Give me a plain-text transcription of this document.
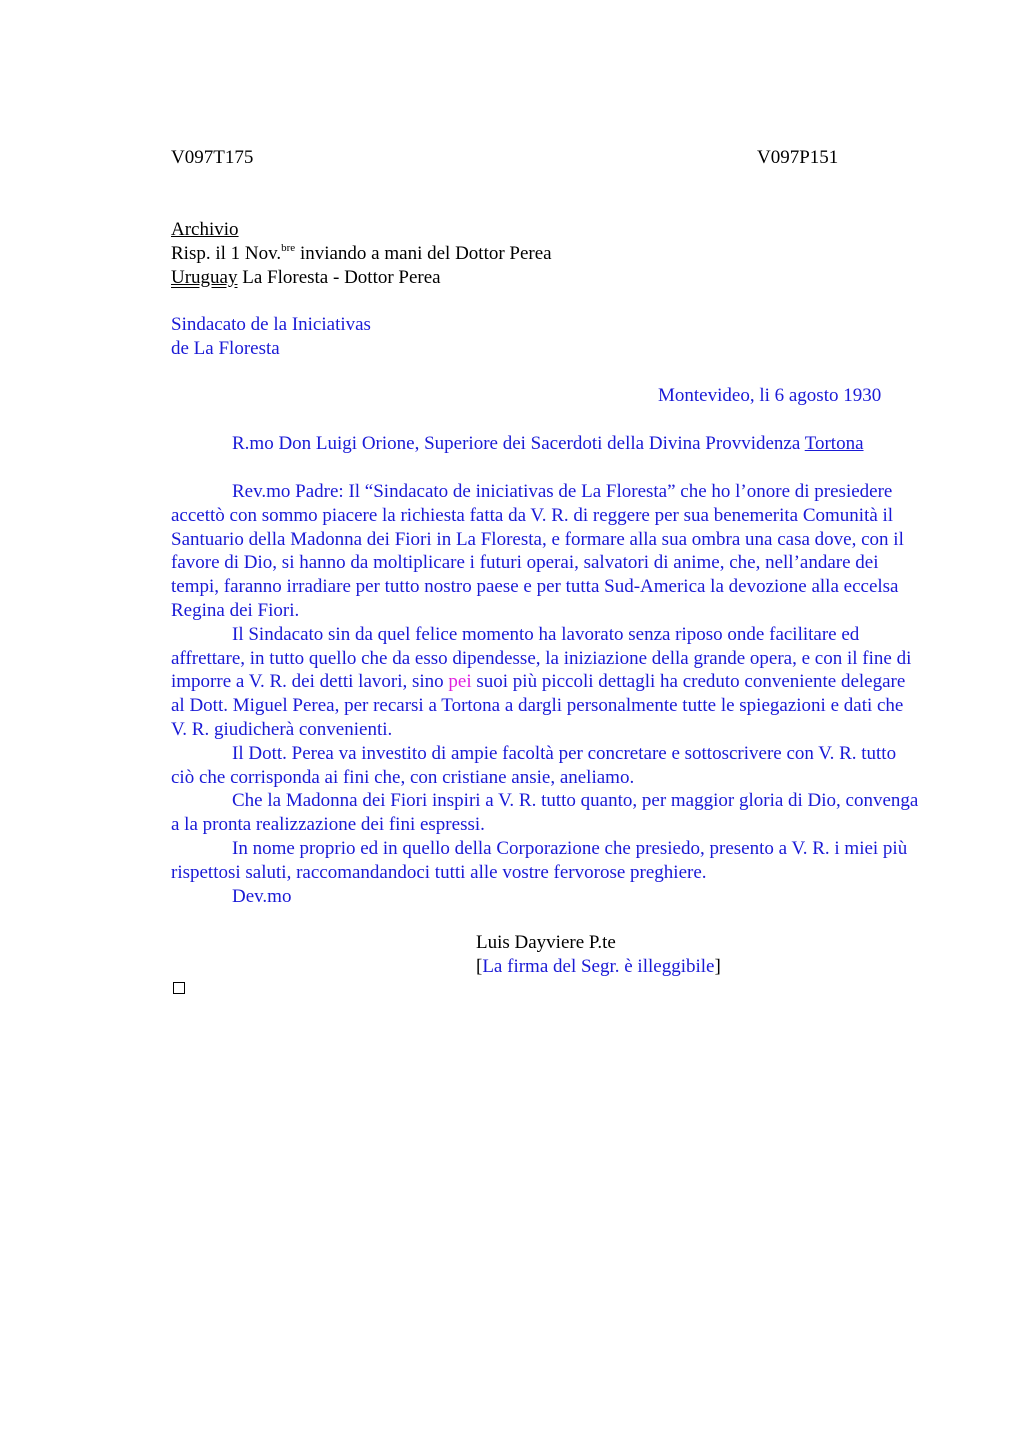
V097T175	V097P151
Archivio
Risp. il 1 Nov.$^{bre}$ inviando a mani del Dottor Perea
Uruguay La Floresta - Dottor Perea
Sindacato de la Iniciativas
de La Floresta
Montevideo, li 6 agosto 1930
R.mo Don Luigi Orione, Superiore dei Sacerdoti della Divina Provvidenza Tortona

Rev.mo Padre: Il “Sindacato de iniciativas de La Floresta” che ho l’onore di presiedere accettò con sommo piacere la richiesta fatta da V. R. di reggere per sua benemerita Comunità il Santuario della Madonna dei Fiori in La Floresta, e formare alla sua ombra una casa dove, con il favore di Dio, si hanno da moltiplicare i futuri operai, salvatori di anime, che, nell’andare dei tempi, faranno irradiare per tutto nostro paese e per tutta Sud-America la devozione alla eccelsa Regina dei Fiori.

Il Sindacato sin da quel felice momento ha lavorato senza riposo onde facilitare ed affrettare, in tutto quello che da esso dipendesse, la iniziazione della grande opera, e con il fine di imporre a V. R. dei detti lavori, sino pei suoi più piccoli dettagli ha creduto conveniente delegare al Dott. Miguel Perea, per recarsi a Tortona a dargli personalmente tutte le spiegazioni e dati che V. R. giudicherà convenienti.

Il Dott. Perea va investito di ampie facoltà per concretare e sottoscrivere con V. R. tutto ciò che corrisponda ai fini che, con cristiane ansie, aneliamo.

Che la Madonna dei Fiori inspiri a V. R. tutto quanto, per maggior gloria di Dio, convenga a la pronta realizzazione dei fini espressi.

In nome proprio ed in quello della Corporazione che presiedo, presento a V. R. i miei più rispettosi saluti, raccomandandoci tutti alle vostre fervorose preghiere.

Dev.mo

Luis Dayviere P.te
[La firma del Segr. è illeggibile]
